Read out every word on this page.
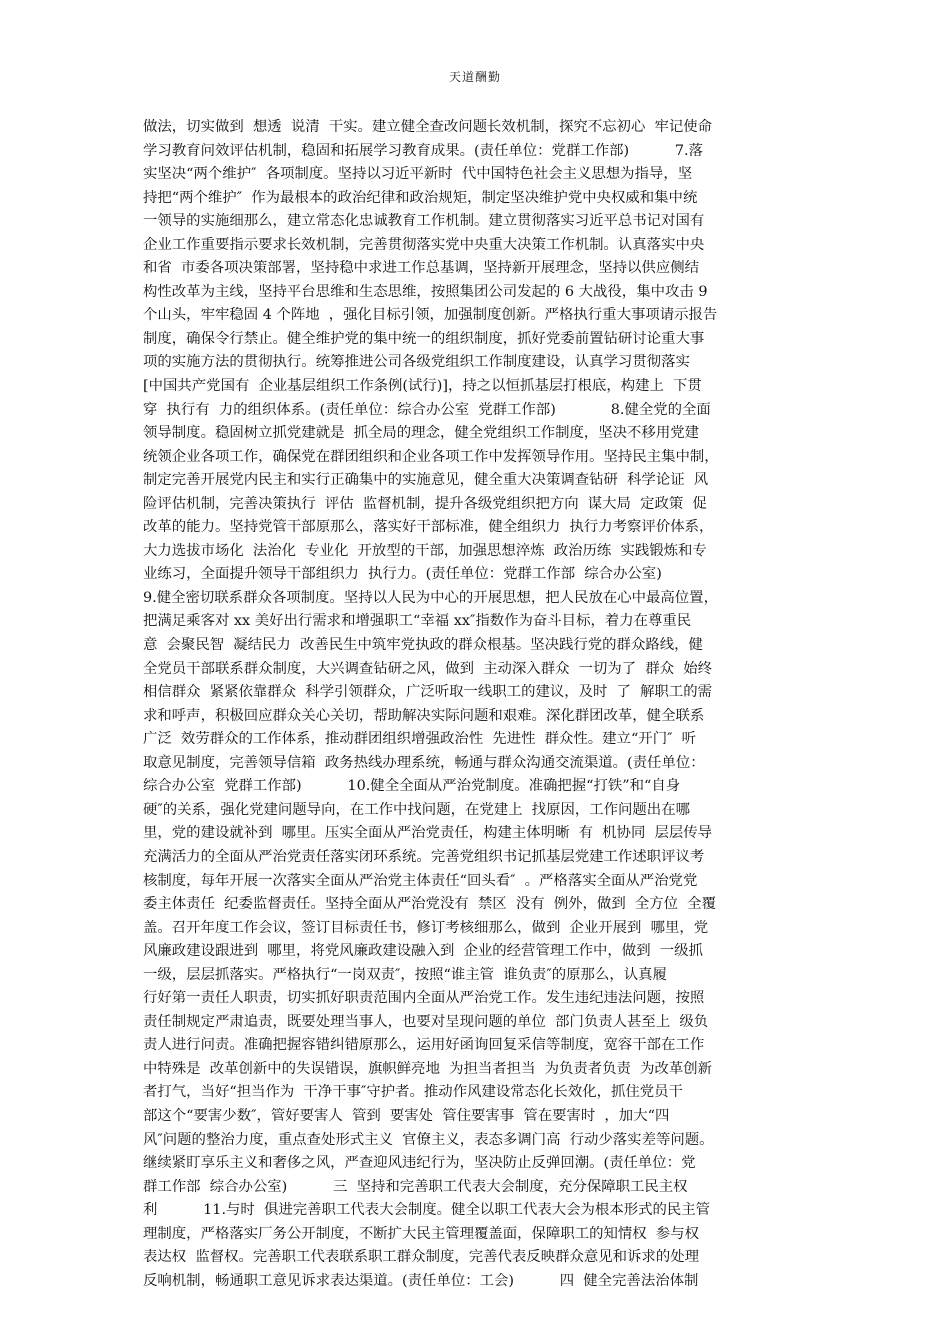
天道酬勤
做法，切实做到  想透  说清  干实。建立健全查改问题长效机制，探究不忘初心  牢记使命
学习教育问效评估机制，稳固和拓展学习教育成果。(责任单位：党群工作部)          7.落
实坚决“两个维护″  各项制度。坚持以习近平新时  代中国特色社会主义思想为指导，坚
持把“两个维护″  作为最根本的政治纪律和政治规矩，制定坚决维护党中央权威和集中统
一领导的实施细那么，建立常态化忠诚教育工作机制。建立贯彻落实习近平总书记对国有
企业工作重要指示要求长效机制，完善贯彻落实党中央重大决策工作机制。认真落实中央
和省  市委各项决策部署，坚持稳中求进工作总基调，坚持新开展理念，坚持以供应侧结
构性改革为主线，坚持平台思维和生态思维，按照集团公司发起的 6 大战役，集中攻击 9
个山头，牢牢稳固 4 个阵地  ，强化目标引领，加强制度创新。严格执行重大事项请示报告
制度，确保令行禁止。健全维护党的集中统一的组织制度，抓好党委前置钻研讨论重大事
项的实施方法的贯彻执行。统筹推进公司各级党组织工作制度建设，认真学习贯彻落实
[中国共产党国有  企业基层组织工作条例(试行)]，持之以恒抓基层打根底，构建上  下贯
穿  执行有  力的组织体系。(责任单位：综合办公室  党群工作部)            8.健全党的全面
领导制度。稳固树立抓党建就是  抓全局的理念，健全党组织工作制度，坚决不移用党建
统领企业各项工作，确保党在群团组织和企业各项工作中发挥领导作用。坚持民主集中制，
制定完善开展党内民主和实行正确集中的实施意见，健全重大决策调查钻研  科学论证  风
险评估机制，完善决策执行  评估  监督机制，提升各级党组织把方向  谋大局  定政策  促
改革的能力。坚持党管干部原那么，落实好干部标准，健全组织力  执行力考察评价体系，
大力选拔市场化  法治化  专业化  开放型的干部，加强思想淬炼  政治历练  实践锻炼和专
业练习，全面提升领导干部组织力  执行力。(责任单位：党群工作部  综合办公室)
9.健全密切联系群众各项制度。坚持以人民为中心的开展思想，把人民放在心中最高位置，
把满足乘客对 xx 美好出行需求和增强职工“幸福 xx″指数作为奋斗目标，着力在尊重民
意  会聚民智  凝结民力  改善民生中筑牢党执政的群众根基。坚决践行党的群众路线，健
全党员干部联系群众制度，大兴调查钻研之风，做到  主动深入群众  一切为了  群众  始终
相信群众  紧紧依靠群众  科学引领群众，广泛听取一线职工的建议，及时  了  解职工的需
求和呼声，积极回应群众关心关切，帮助解决实际问题和艰难。深化群团改革，健全联系
广泛  效劳群众的工作体系，推动群团组织增强政治性  先进性  群众性。建立“开门″  听
取意见制度，完善领导信箱  政务热线办理系统，畅通与群众沟通交流渠道。(责任单位：
综合办公室  党群工作部)          10.健全全面从严治党制度。准确把握“打铁”和“自身
硬″的关系，强化党建问题导向，在工作中找问题，在党建上  找原因，工作问题出在哪
里，党的建设就补到  哪里。压实全面从严治党责任，构建主体明晰  有  机协同  层层传导
充满活力的全面从严治党责任落实闭环系统。完善党组织书记抓基层党建工作述职评议考
核制度，每年开展一次落实全面从严治党主体责任“回头看″  。严格落实全面从严治党党
委主体责任  纪委监督责任。坚持全面从严治党没有  禁区  没有  例外，做到  全方位  全覆
盖。召开年度工作会议，签订目标责任书，修订考核细那么，做到  企业开展到  哪里，党
风廉政建设跟进到  哪里，将党风廉政建设融入到  企业的经营管理工作中，做到  一级抓
一级，层层抓落实。严格执行“一岗双责″，按照“谁主管  谁负责″的原那么，认真履
行好第一责任人职责，切实抓好职责范围内全面从严治党工作。发生违纪违法问题，按照
责任制规定严肃追责，既要处理当事人，也要对呈现问题的单位  部门负责人甚至上  级负
责人进行问责。准确把握容错纠错原那么，运用好函询回复采信等制度，宽容干部在工作
中特殊是  改革创新中的失误错误，旗帜鲜亮地  为担当者担当  为负责者负责  为改革创新
者打气，当好“担当作为  干净干事″守护者。推动作风建设常态化长效化，抓住党员干
部这个“要害少数″，管好要害人  管到  要害处  管住要害事  管在要害时  ，加大“四
风″问题的整治力度，重点查处形式主义  官僚主义，表态多调门高  行动少落实差等问题。
继续紧盯享乐主义和奢侈之风，严查迎风违纪行为，坚决防止反弹回潮。(责任单位：党
群工作部  综合办公室)          三  坚持和完善职工代表大会制度，充分保障职工民主权
利          11.与时  俱进完善职工代表大会制度。健全以职工代表大会为根本形式的民主管
理制度，严格落实厂务公开制度，不断扩大民主管理覆盖面，保障职工的知情权  参与权
表达权  监督权。完善职工代表联系职工群众制度，完善代表反映群众意见和诉求的处理
反响机制，畅通职工意见诉求表达渠道。(责任单位：工会)          四  健全完善法治体制
